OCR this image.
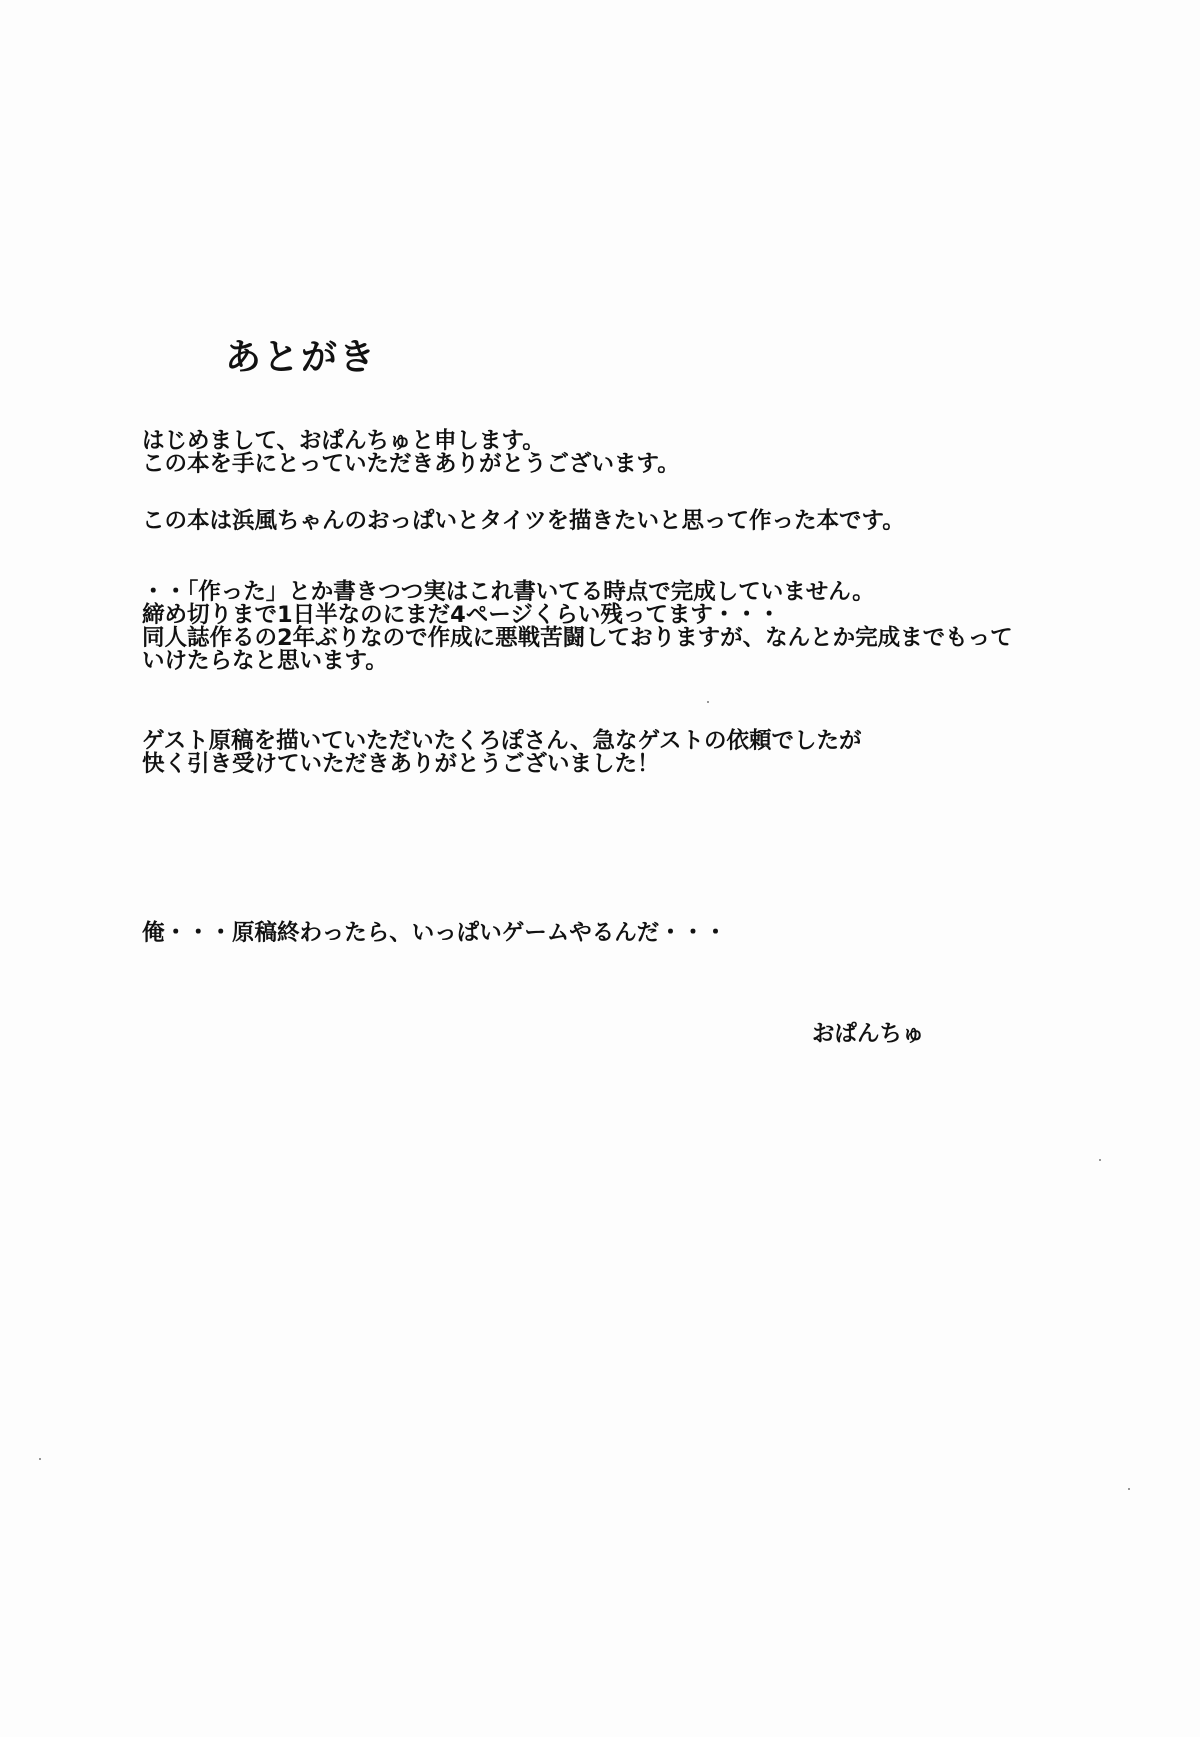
あとがき
はじめまして、おぱんちゅと申します。
この本を手にとっていただきありがとうございます。
この本は浜風ちゃんのおっぱいとタイツを描きたいと思って作った本です。
・・「作った」とか書きつつ実はこれ書いてる時点で完成していません。
締め切りまで1日半なのにまだ4ページくらい残ってます・・・
同人誌作るの2年ぶりなので作成に悪戦苦闘しておりますが、なんとか完成までもって
いけたらなと思います。
ゲスト原稿を描いていただいたくろぽさん、急なゲストの依頼でしたが
快く引き受けていただきありがとうございました！
俺・・・原稿終わったら、いっぱいゲームやるんだ・・・
おぱんちゅ
